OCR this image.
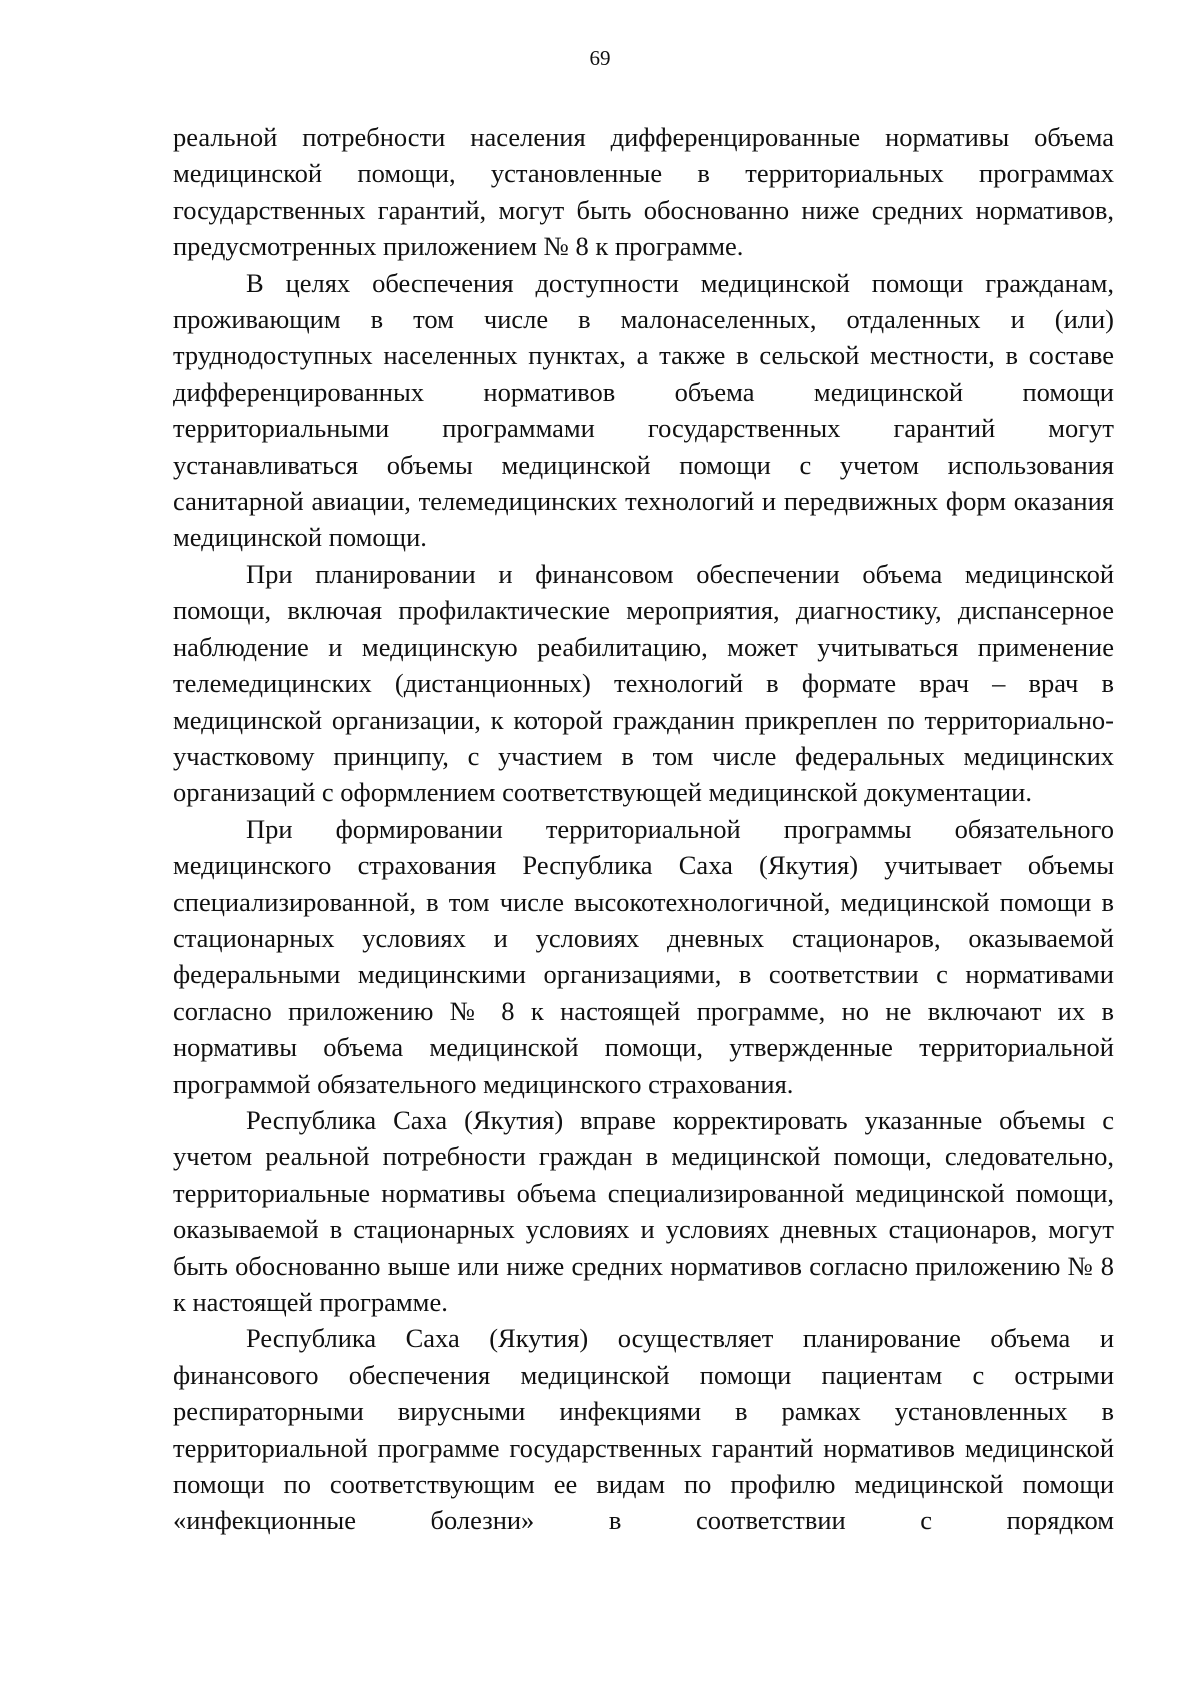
69

реальной потребности населения дифференцированные нормативы объема медицинской помощи, установленные в территориальных программах государственных гарантий, могут быть обоснованно ниже средних нормативов, предусмотренных приложением № 8 к программе.

В целях обеспечения доступности медицинской помощи гражданам, проживающим в том числе в малонаселенных, отдаленных и (или) труднодоступных населенных пунктах, а также в сельской местности, в составе дифференцированных нормативов объема медицинской помощи территориальными программами государственных гарантий могут устанавливаться объемы медицинской помощи с учетом использования санитарной авиации, телемедицинских технологий и передвижных форм оказания медицинской помощи.

При планировании и финансовом обеспечении объема медицинской помощи, включая профилактические мероприятия, диагностику, диспансерное наблюдение и медицинскую реабилитацию, может учитываться применение телемедицинских (дистанционных) технологий в формате врач – врач в медицинской организации, к которой гражданин прикреплен по территориально-участковому принципу, с участием в том числе федеральных медицинских организаций с оформлением соответствующей медицинской документации.

При формировании территориальной программы обязательного медицинского страхования Республика Саха (Якутия) учитывает объемы специализированной, в том числе высокотехнологичной, медицинской помощи в стационарных условиях и условиях дневных стационаров, оказываемой федеральными медицинскими организациями, в соответствии с нормативами согласно приложению № 8 к настоящей программе, но не включают их в нормативы объема медицинской помощи, утвержденные территориальной программой обязательного медицинского страхования.

Республика Саха (Якутия) вправе корректировать указанные объемы с учетом реальной потребности граждан в медицинской помощи, следовательно, территориальные нормативы объема специализированной медицинской помощи, оказываемой в стационарных условиях и условиях дневных стационаров, могут быть обоснованно выше или ниже средних нормативов согласно приложению № 8 к настоящей программе.

Республика Саха (Якутия) осуществляет планирование объема и финансового обеспечения медицинской помощи пациентам с острыми респираторными вирусными инфекциями в рамках установленных в территориальной программе государственных гарантий нормативов медицинской помощи по соответствующим ее видам по профилю медицинской помощи «инфекционные болезни» в соответствии с порядком
